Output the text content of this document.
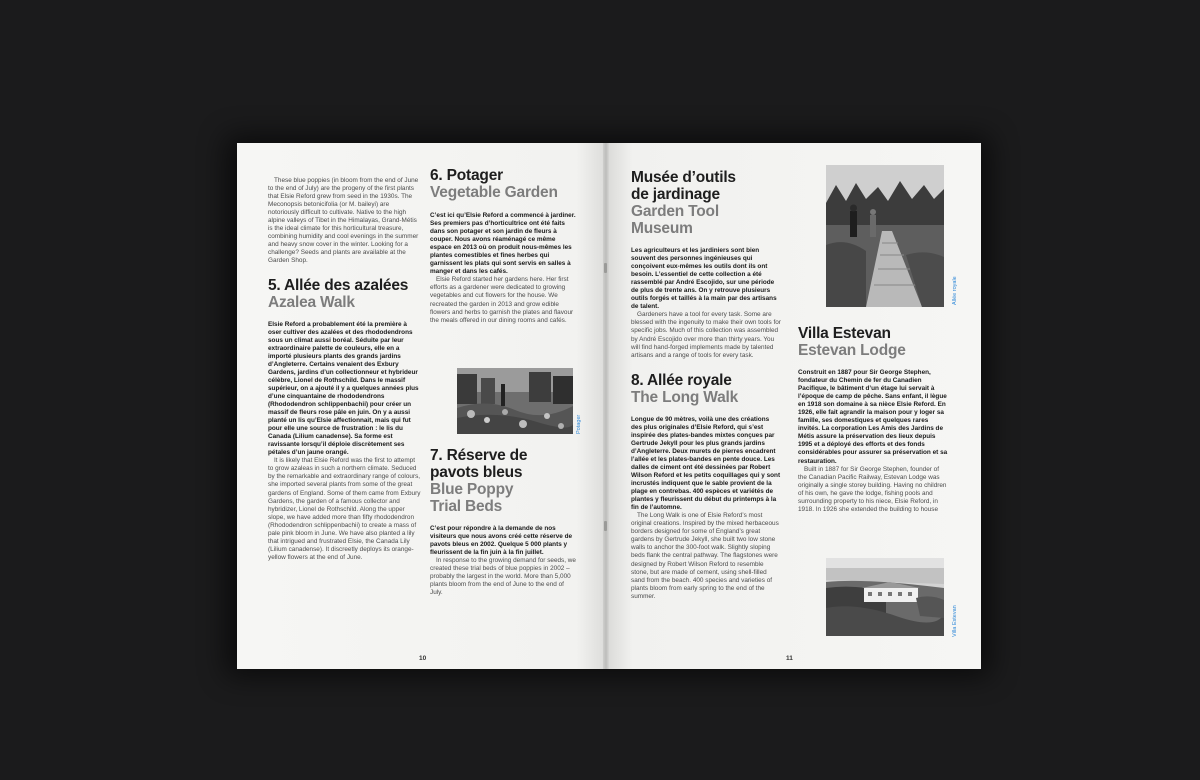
These blue poppies (in bloom from the end of June to the end of July) are the progeny of the first plants that Elsie Reford grew from seed in the 1930s. The Meconopsis betonicifolia (or M. baileyi) are notoriously difficult to cultivate. Native to the high alpine valleys of Tibet in the Himalayas, Grand-Métis is the ideal climate for this horticultural treasure, combining humidity and cool evenings in the summer and heavy snow cover in the winter. Looking for a challenge? Seeds and plants are available at the Garden Shop.

5. Allée des azalées
Azalea Walk

Elsie Reford a probablement été la première à oser cultiver des azalées et des rhododendrons sous un climat aussi boréal. Séduite par leur extraordinaire palette de couleurs, elle en a importé plusieurs plants des grands jardins d’Angleterre. Certains venaient des Exbury Gardens, jardins d’un collectionneur et hybrideur célèbre, Lionel de Rothschild. Dans le massif supérieur, on a ajouté il y a quelques années plus d’une cinquantaine de rhododendrons (Rhododendron schlippenbachii) pour créer un massif de fleurs rose pâle en juin. On y a aussi planté un lis qu’Elsie affectionnait, mais qui fut pour elle une source de frustration : le lis du Canada (Lilium canadense). Sa forme est ravissante lorsqu’il déploie discrètement ses pétales d’un jaune orangé.

It is likely that Elsie Reford was the first to attempt to grow azaleas in such a northern climate. Seduced by the remarkable and extraordinary range of colours, she imported several plants from some of the great gardens of England. Some of them came from Exbury Gardens, the garden of a famous collector and hybridizer, Lionel de Rothschild. Along the upper slope, we have added more than fifty rhododendron (Rhododendron schlippenbachii) to create a mass of pale pink bloom in June. We have also planted a lily that intrigued and frustrated Elsie, the Canada Lily (Lilium canadense). It discreetly deploys its orange-yellow flowers at the end of June.

6. Potager
Vegetable Garden

C’est ici qu’Elsie Reford a commencé à jardiner. Ses premiers pas d’horticultrice ont été faits dans son potager et son jardin de fleurs à couper. Nous avons réaménagé ce même espace en 2013 où on produit nous-mêmes les plantes comestibles et fines herbes qui garnissent les plats qui sont servis en salles à manger et dans les cafés.

Elsie Reford started her gardens here. Her first efforts as a gardener were dedicated to growing vegetables and cut flowers for the house. We recreated the garden in 2013 and grow edible flowers and herbs to garnish the plates and flavour the meals offered in our dining rooms and cafés.

Potager
7. Réserve de
pavots bleus
Blue Poppy
Trial Beds

C’est pour répondre à la demande de nos visiteurs que nous avons créé cette réserve de pavots bleus en 2002. Quelque 5 000 plants y fleurissent de la fin juin à la fin juillet.

In response to the growing demand for seeds, we created these trial beds of blue poppies in 2002 – probably the largest in the world. More than 5,000 plants bloom from the end of June to the end of July.

10
Musée d’outils
de jardinage
Garden Tool
Museum

Les agriculteurs et les jardiniers sont bien souvent des personnes ingénieuses qui conçoivent eux-mêmes les outils dont ils ont besoin. L’essentiel de cette collection a été rassemblé par André Escojido, sur une période de plus de trente ans. On y retrouve plusieurs outils forgés et taillés à la main par des artisans de talent.

Gardeners have a tool for every task. Some are blessed with the ingenuity to make their own tools for specific jobs. Much of this collection was assembled by André Escojido over more than thirty years. You will find hand-forged implements made by talented artisans and a range of tools for every task.

8. Allée royale
The Long Walk

Longue de 90 mètres, voilà une des créations des plus originales d’Elsie Reford, qui s’est inspirée des plates-bandes mixtes conçues par Gertrude Jekyll pour les plus grands jardins d’Angleterre. Deux murets de pierres encadrent l’allée et les plates-bandes en pente douce. Les dalles de ciment ont été dessinées par Robert Wilson Reford et les petits coquillages qui y sont incrustés indiquent que le sable provient de la plage en contrebas. 400 espèces et variétés de plantes y fleurissent du début du printemps à la fin de l’automne.

The Long Walk is one of Elsie Reford’s most original creations. Inspired by the mixed herbaceous borders designed for some of England’s great gardens by Gertrude Jekyll, she built two low stone walls to anchor the 300-foot walk. Slightly sloping beds flank the central pathway. The flagstones were designed by Robert Wilson Reford to resemble stone, but are made of cement, using shell-filled sand from the beach. 400 species and varieties of plants bloom from early spring to the end of the summer.

Allée royale
Villa Estevan
Estevan Lodge

Construit en 1887 pour Sir George Stephen, fondateur du Chemin de fer du Canadien Pacifique, le bâtiment d’un étage lui servait à l’époque de camp de pêche. Sans enfant, il lègue en 1918 son domaine à sa nièce Elsie Reford. En 1926, elle fait agrandir la maison pour y loger sa famille, ses domestiques et quelques rares invités. La corporation Les Amis des Jardins de Métis assure la préservation des lieux depuis 1995 et a déployé des efforts et des fonds considérables pour assurer sa préservation et sa restauration.

Built in 1887 for Sir George Stephen, founder of the Canadian Pacific Railway, Estevan Lodge was originally a single storey building. Having no children of his own, he gave the lodge, fishing pools and surrounding property to his niece, Elsie Reford, in 1918. In 1926 she extended the building to house

Villa Estevan
11
